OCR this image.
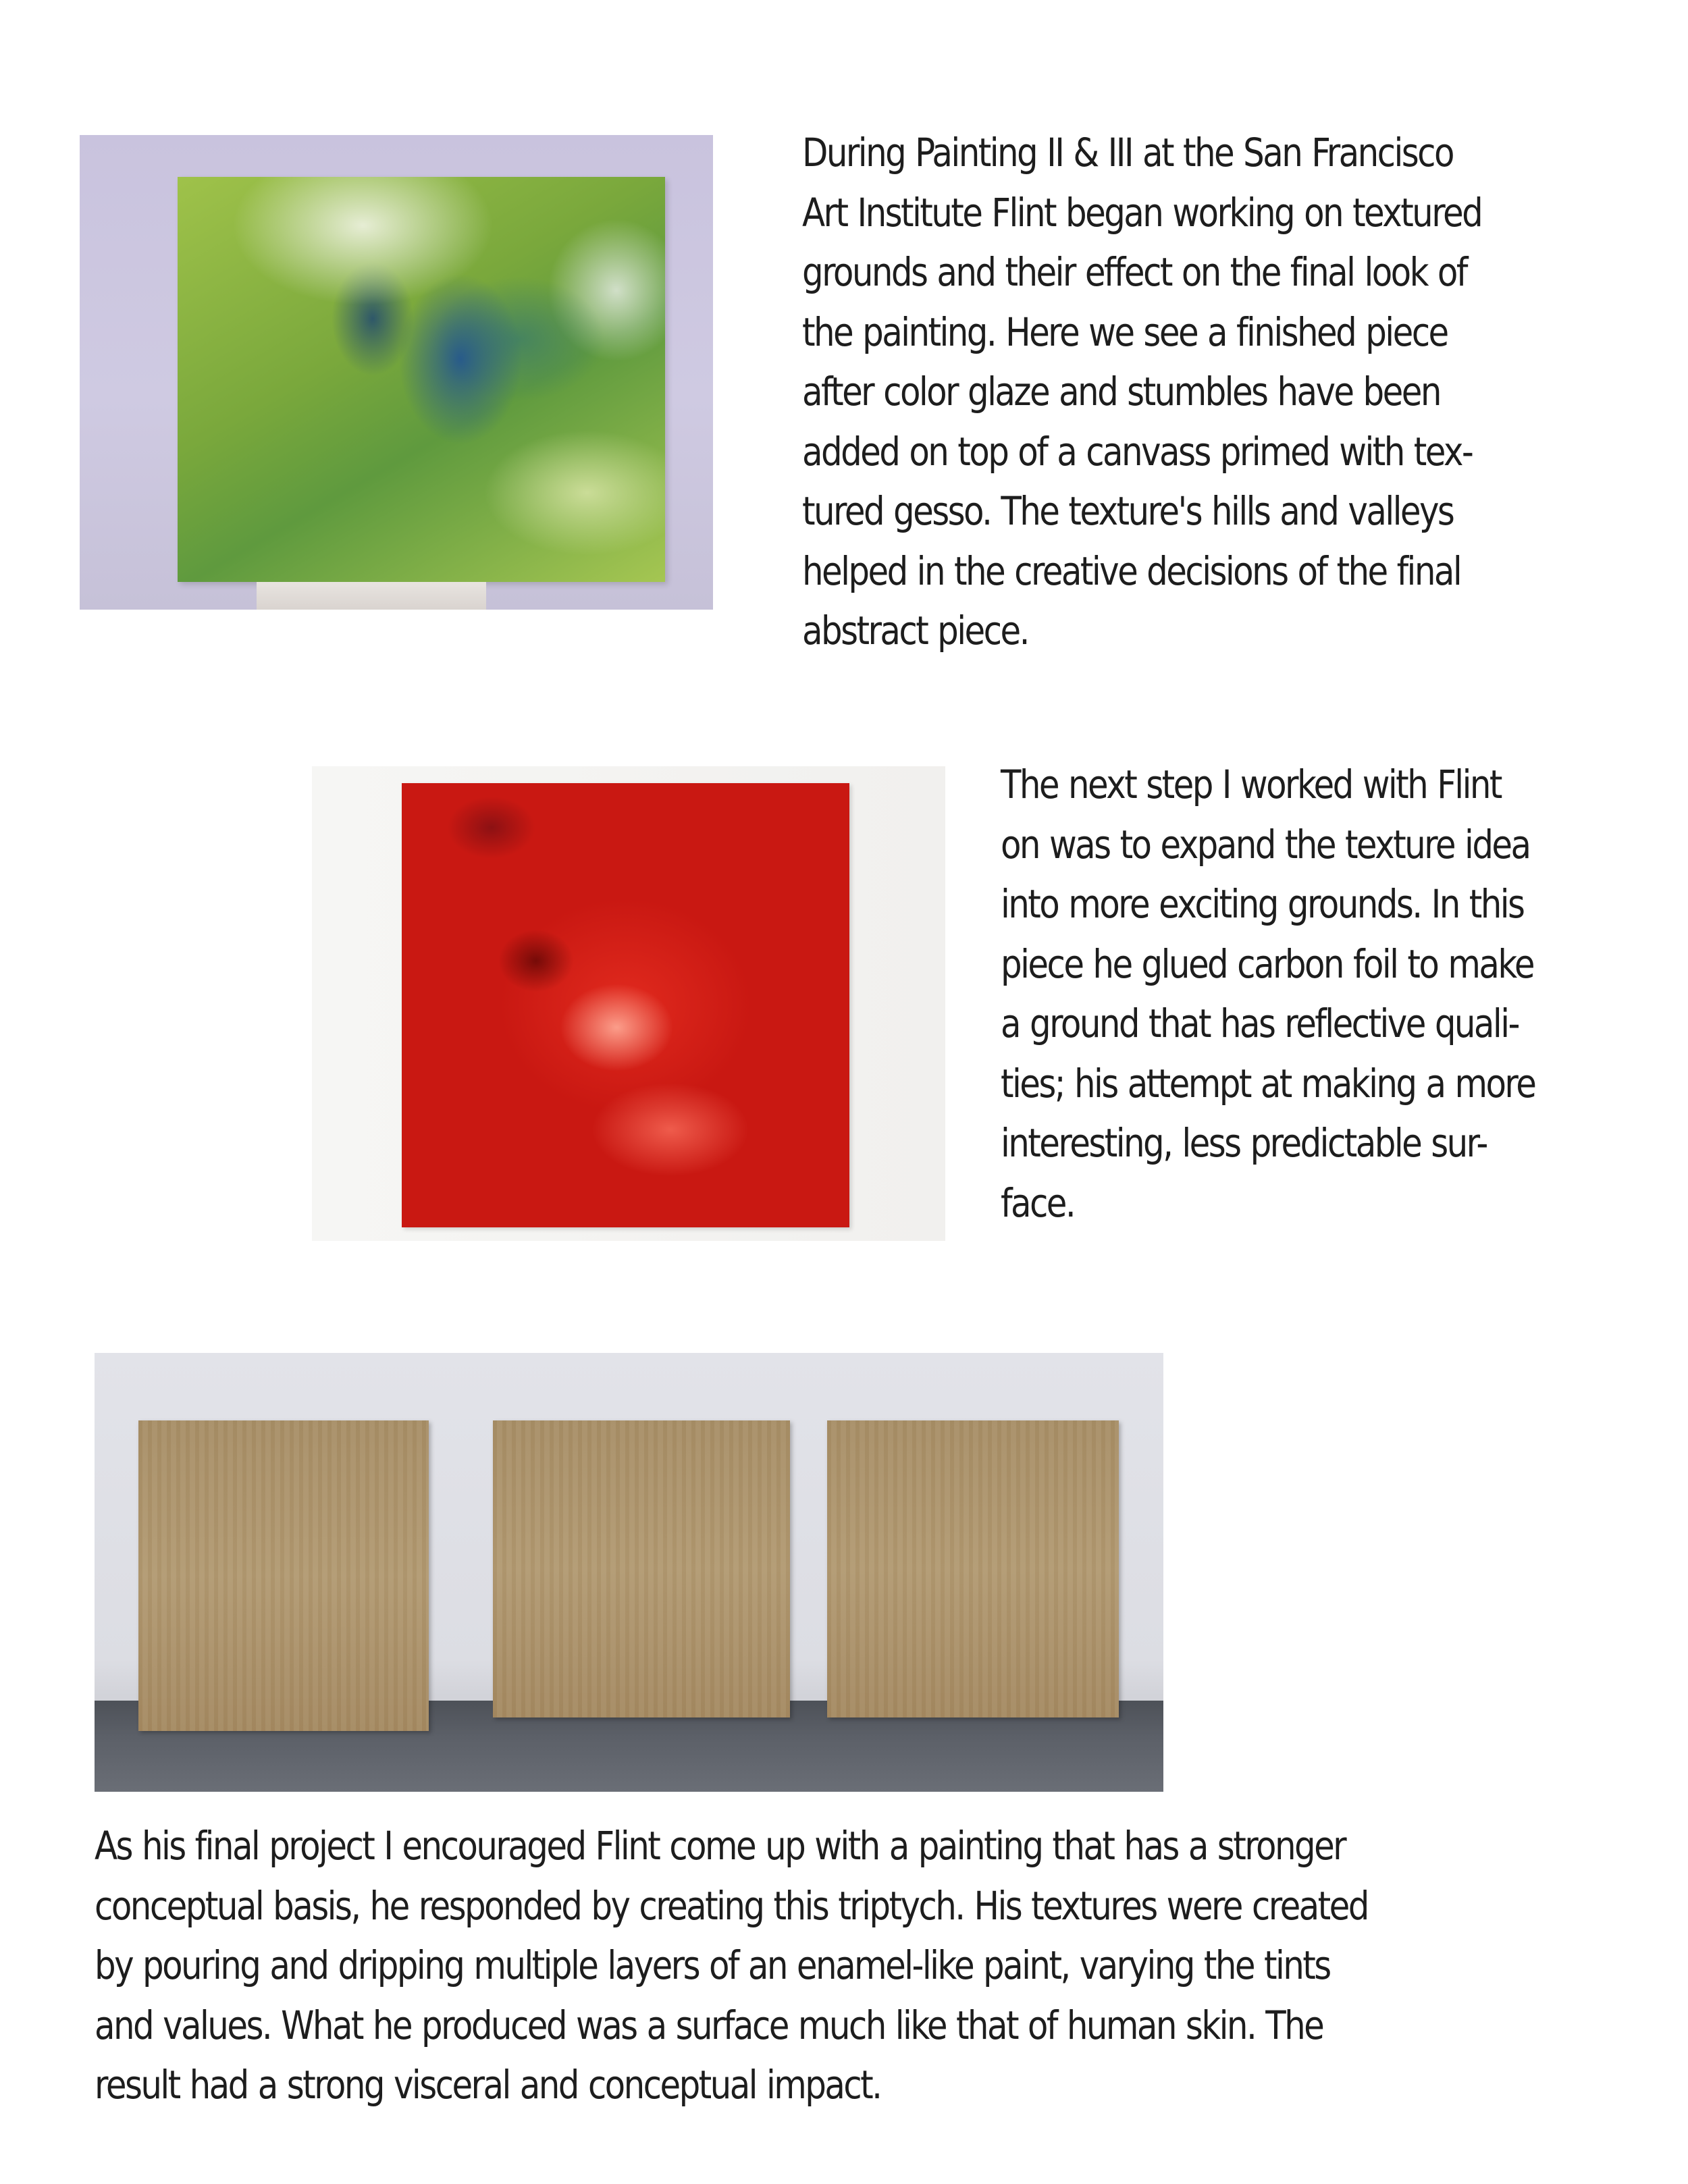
During Painting II & III at the San Francisco
Art Institute Flint began working on textured
grounds and their effect on the final look of
the painting. Here we see a finished piece
after color glaze and stumbles have been
added on top of a canvass primed with tex-
tured gesso. The texture's hills and valleys
helped in the creative decisions of the final
abstract piece.
The next step I worked with Flint
on was to expand the texture idea
into more exciting grounds. In this
piece he glued carbon foil to make
a ground that has reflective quali-
ties; his attempt at making a more
interesting, less predictable sur-
face.
As his final project I encouraged Flint come up with a painting that has a stronger
conceptual basis, he responded by creating this triptych. His textures were created
by pouring and dripping multiple layers of an enamel-like paint, varying the tints
and values. What he produced was a surface much like that of human skin. The
result had a strong visceral and conceptual impact.
